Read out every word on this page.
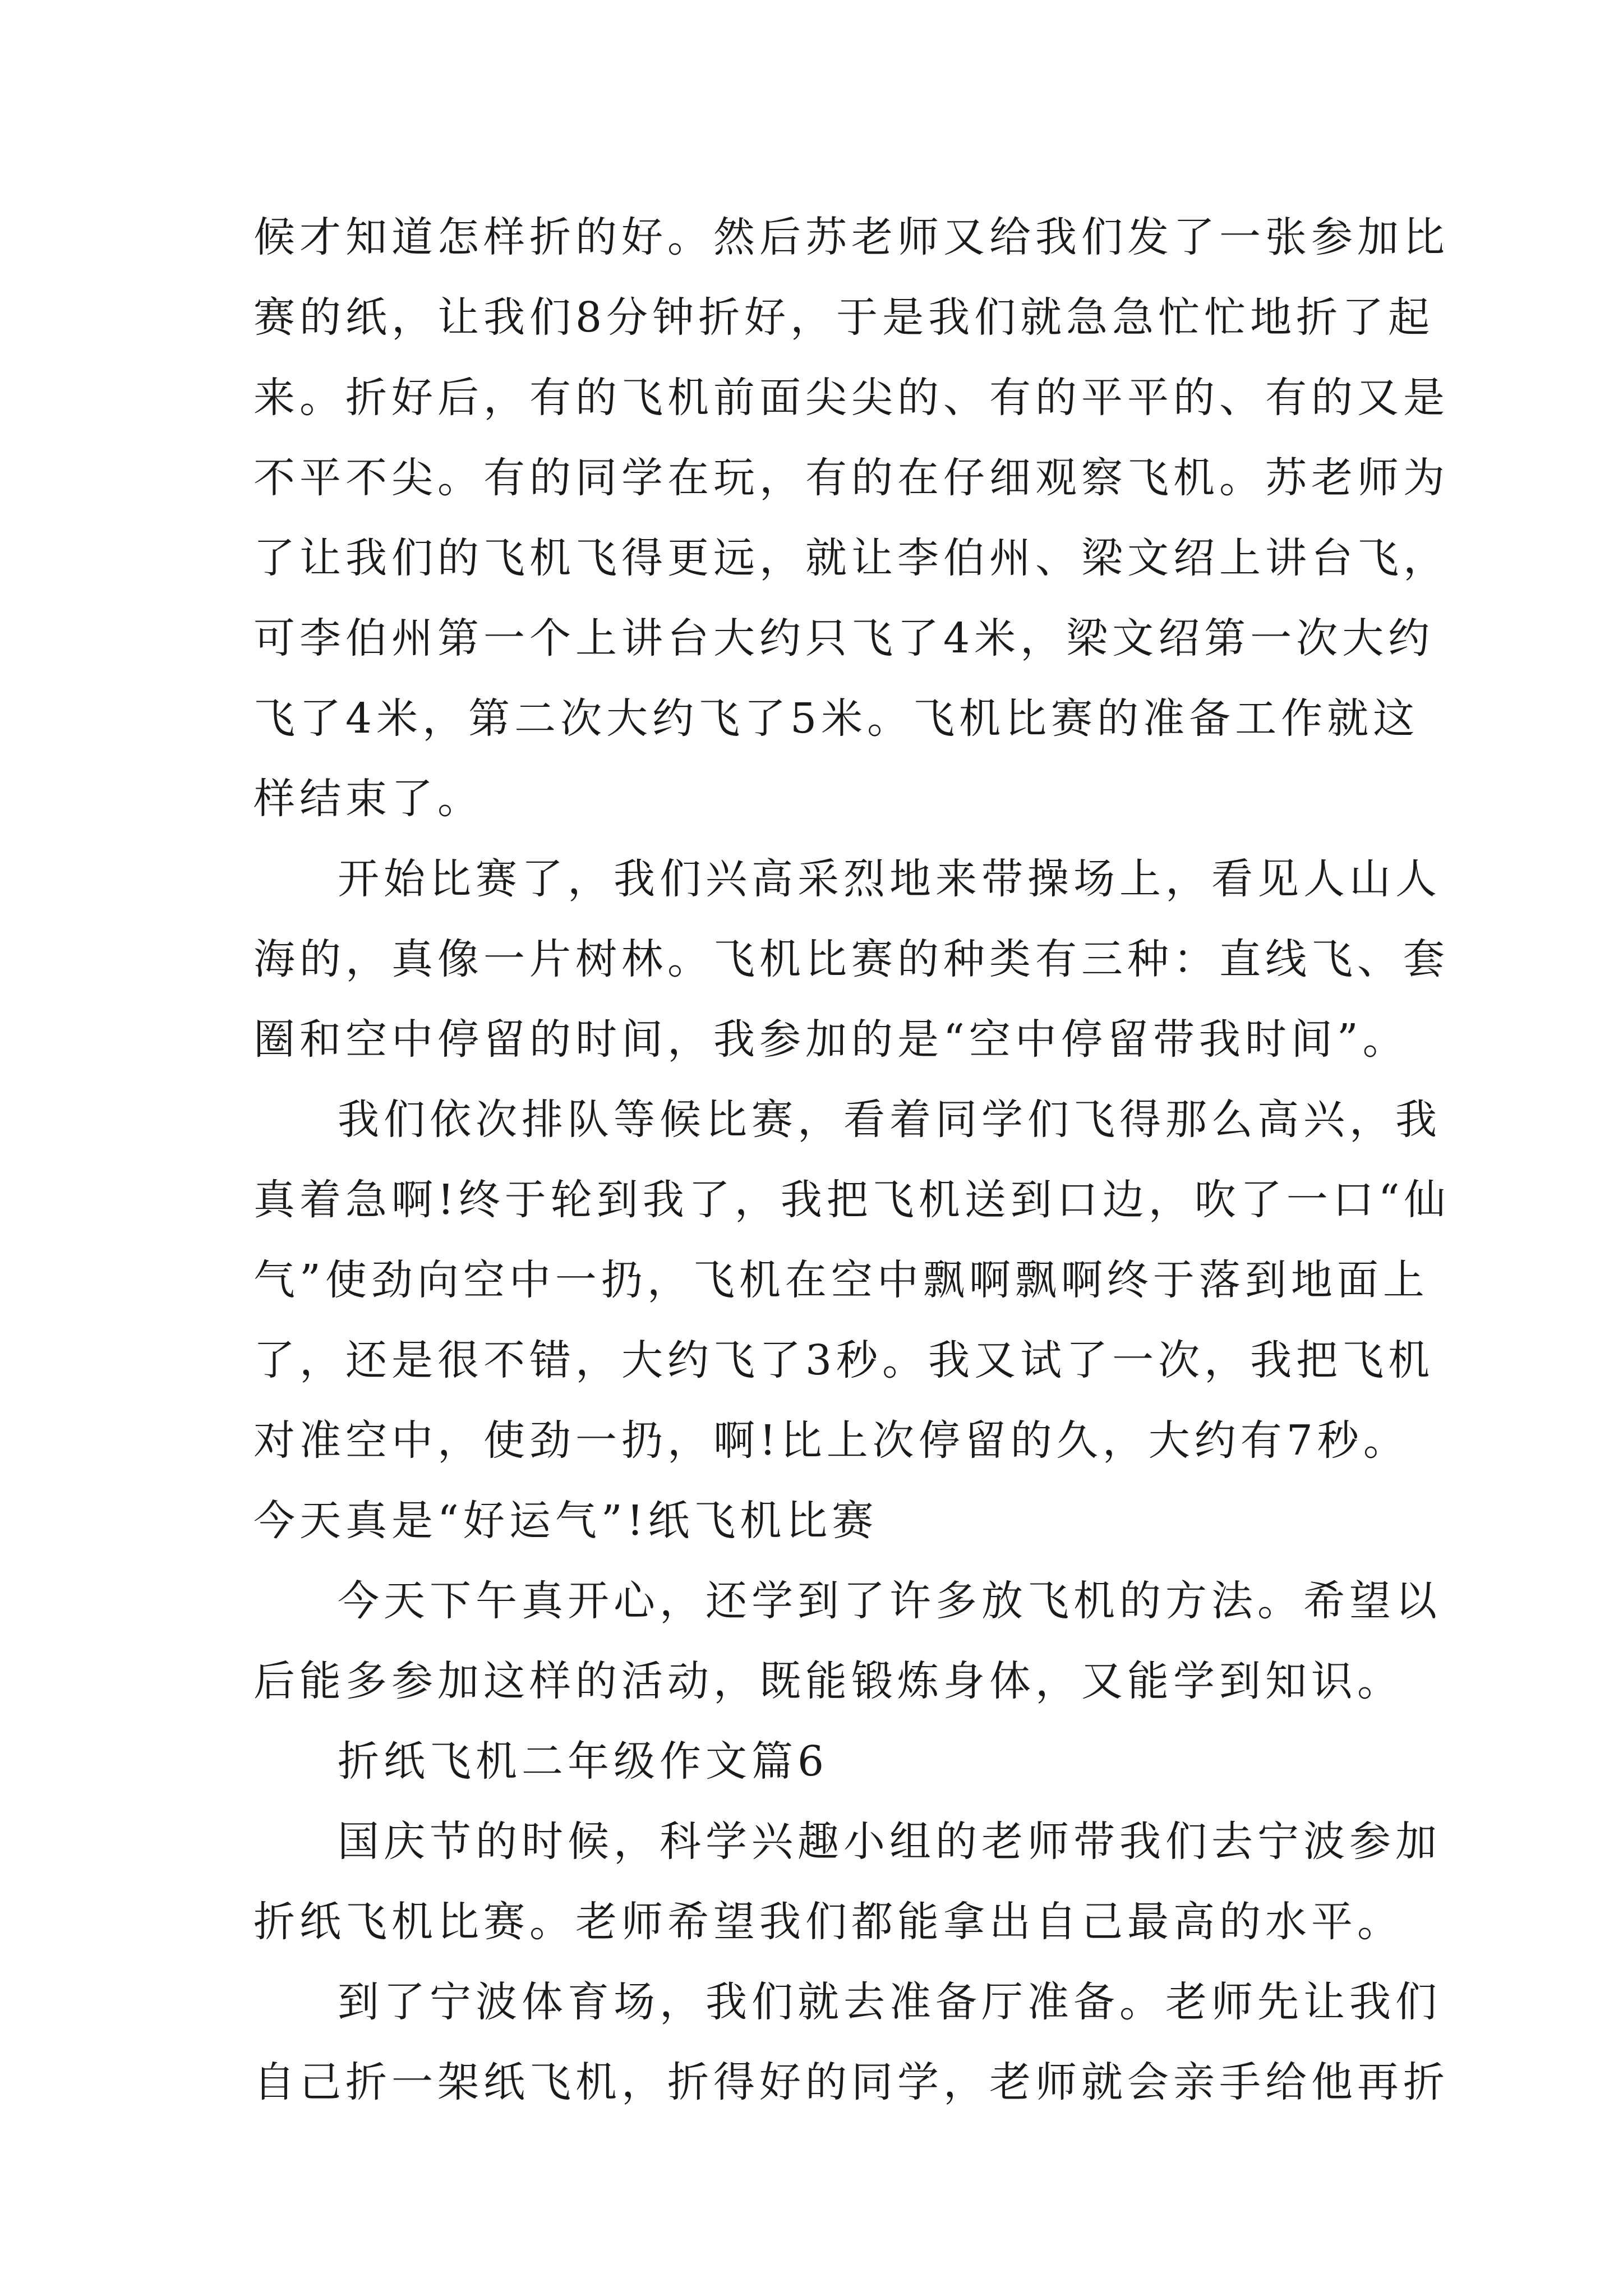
候才知道怎样折的好。然后苏老师又给我们发了一张参加比
赛的纸，让我们8分钟折好，于是我们就急急忙忙地折了起
来。折好后，有的飞机前面尖尖的、有的平平的、有的又是
不平不尖。有的同学在玩，有的在仔细观察飞机。苏老师为
了让我们的飞机飞得更远，就让李伯州、梁文绍上讲台飞，
可李伯州第一个上讲台大约只飞了4米，梁文绍第一次大约
飞了4米，第二次大约飞了5米。飞机比赛的准备工作就这
样结束了。
开始比赛了，我们兴高采烈地来带操场上，看见人山人
海的，真像一片树林。飞机比赛的种类有三种：直线飞、套
圈和空中停留的时间，我参加的是“空中停留带我时间”。
我们依次排队等候比赛，看着同学们飞得那么高兴，我
真着急啊!终于轮到我了，我把飞机送到口边，吹了一口“仙
气”使劲向空中一扔，飞机在空中飘啊飘啊终于落到地面上
了，还是很不错，大约飞了3秒。我又试了一次，我把飞机
对准空中，使劲一扔，啊!比上次停留的久，大约有7秒。
今天真是“好运气”!纸飞机比赛
今天下午真开心，还学到了许多放飞机的方法。希望以
后能多参加这样的活动，既能锻炼身体，又能学到知识。
折纸飞机二年级作文篇6
国庆节的时候，科学兴趣小组的老师带我们去宁波参加
折纸飞机比赛。老师希望我们都能拿出自己最高的水平。
到了宁波体育场，我们就去准备厅准备。老师先让我们
自己折一架纸飞机，折得好的同学，老师就会亲手给他再折
